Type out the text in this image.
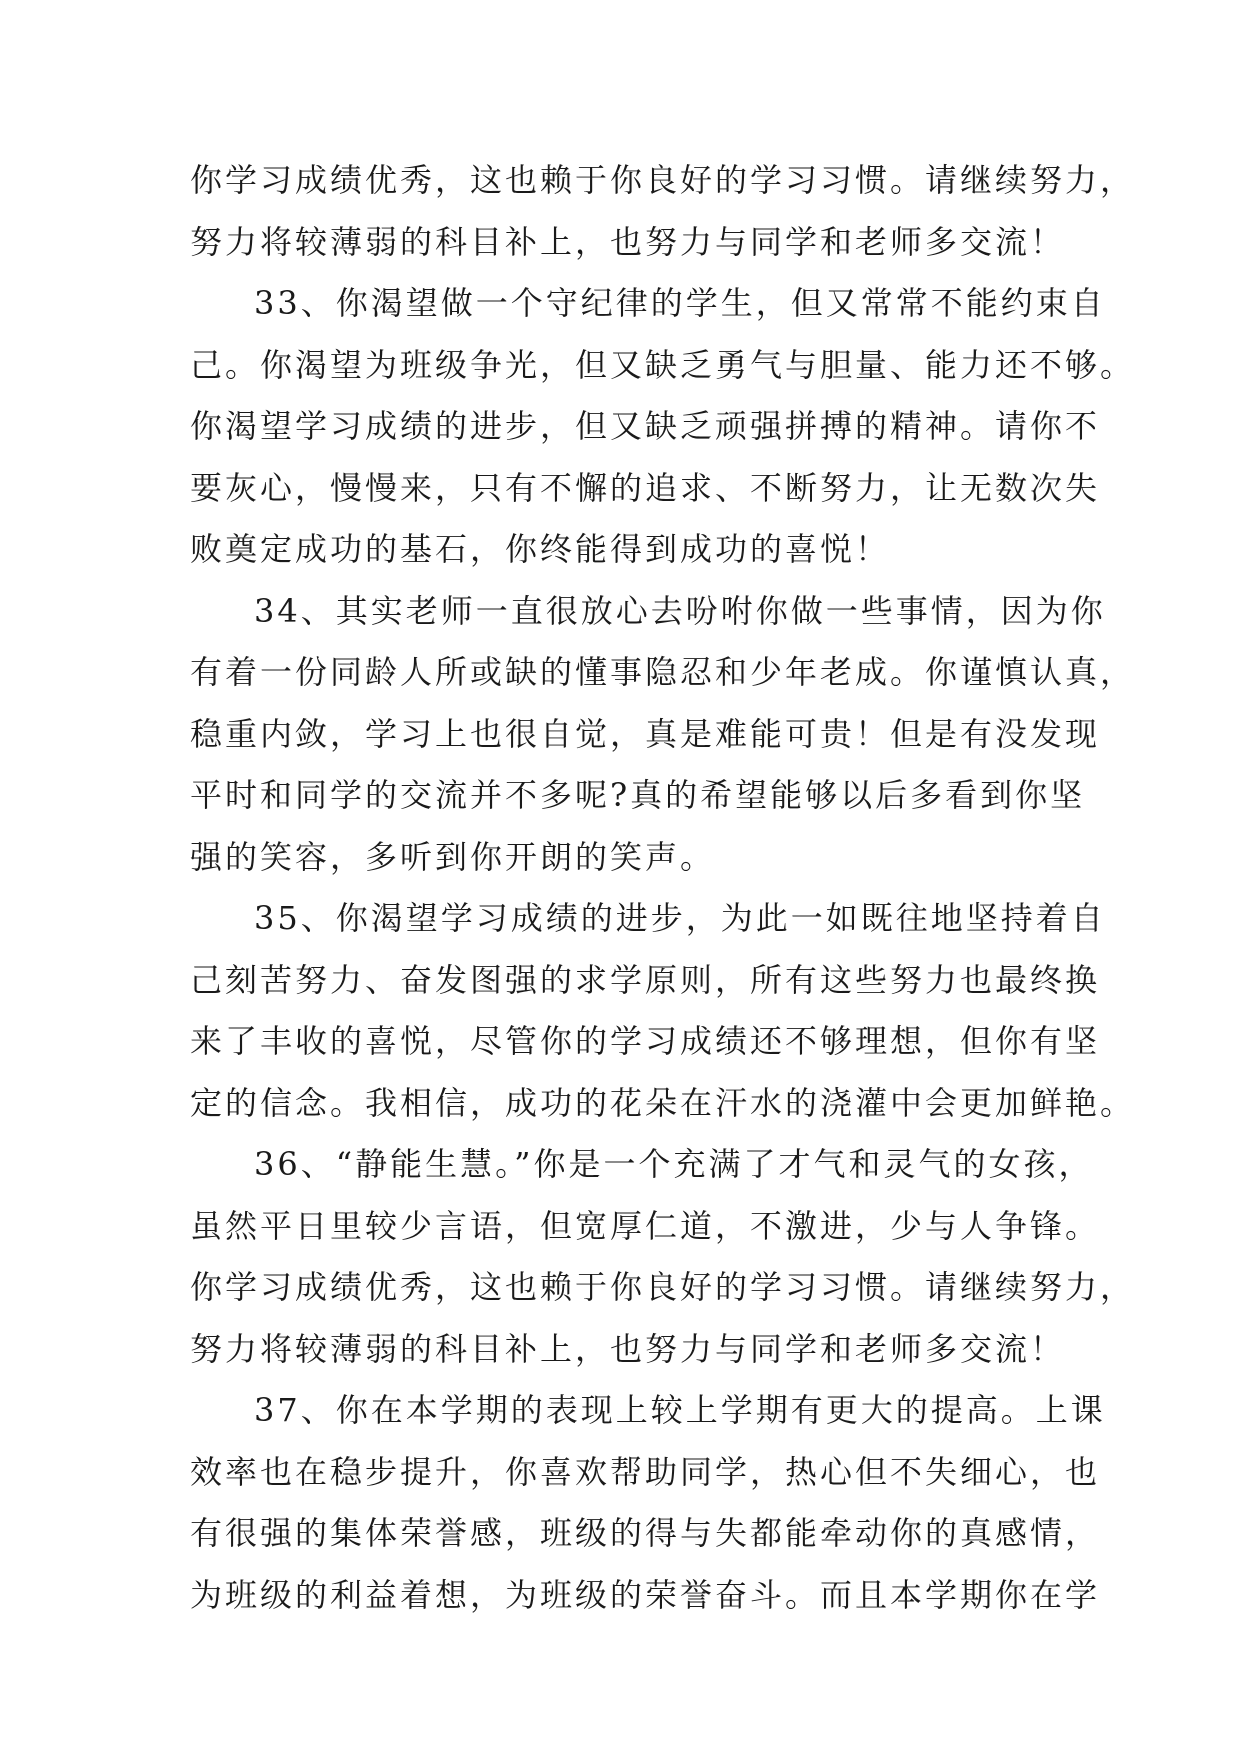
你学习成绩优秀，这也赖于你良好的学习习惯。请继续努力，
努力将较薄弱的科目补上，也努力与同学和老师多交流！
33、你渴望做一个守纪律的学生，但又常常不能约束自
己。你渴望为班级争光，但又缺乏勇气与胆量、能力还不够。
你渴望学习成绩的进步，但又缺乏顽强拼搏的精神。请你不
要灰心，慢慢来，只有不懈的追求、不断努力，让无数次失
败奠定成功的基石，你终能得到成功的喜悦！
34、其实老师一直很放心去吩咐你做一些事情，因为你
有着一份同龄人所或缺的懂事隐忍和少年老成。你谨慎认真，
稳重内敛，学习上也很自觉，真是难能可贵！但是有没发现
平时和同学的交流并不多呢?真的希望能够以后多看到你坚
强的笑容，多听到你开朗的笑声。
35、你渴望学习成绩的进步，为此一如既往地坚持着自
己刻苦努力、奋发图强的求学原则，所有这些努力也最终换
来了丰收的喜悦，尽管你的学习成绩还不够理想，但你有坚
定的信念。我相信，成功的花朵在汗水的浇灌中会更加鲜艳。
36、“静能生慧。”你是一个充满了才气和灵气的女孩，
虽然平日里较少言语，但宽厚仁道，不激进，少与人争锋。
你学习成绩优秀，这也赖于你良好的学习习惯。请继续努力，
努力将较薄弱的科目补上，也努力与同学和老师多交流！
37、你在本学期的表现上较上学期有更大的提高。上课
效率也在稳步提升，你喜欢帮助同学，热心但不失细心，也
有很强的集体荣誉感，班级的得与失都能牵动你的真感情，
为班级的利益着想，为班级的荣誉奋斗。而且本学期你在学
